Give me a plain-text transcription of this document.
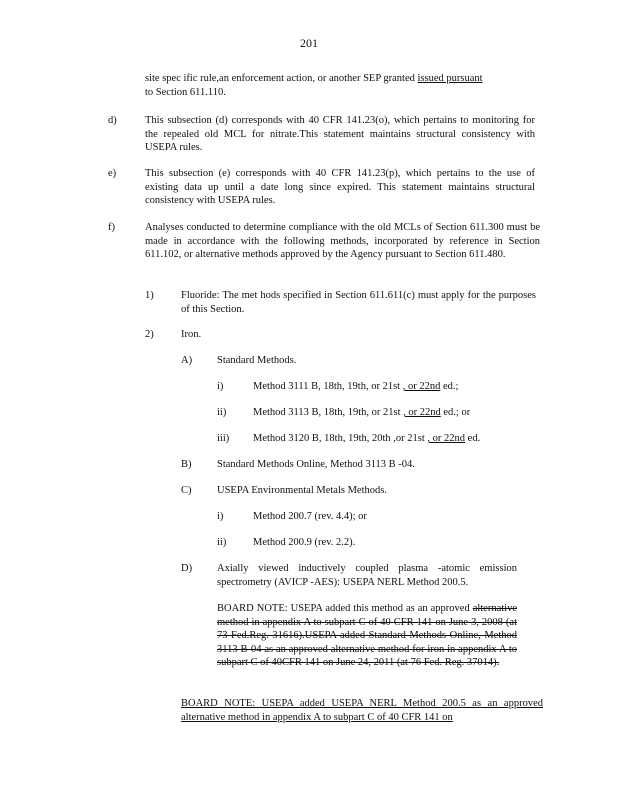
201
site spec ific rule,an enforcement action, or another SEP granted issued pursuant
to Section 611.110.
d)	This subsection (d) corresponds with 40 CFR 141.23(o), which pertains to monitoring for the repealed old MCL for nitrate.This statement maintains structural consistency with USEPA rules.
e)	This subsection (e) corresponds with 40 CFR 141.23(p), which pertains to the use of existing data up until a date long since expired. This statement maintains structural consistency with USEPA rules.
f)	Analyses conducted to determine compliance with the old MCLs of Section 611.300 must be made in accordance with the following methods, incorporated by reference in Section 611.102, or alternative methods approved by the Agency pursuant to Section 611.480.
1)	Fluoride: The met hods specified in Section 611.611(c) must apply for the purposes of this Section.
2)	Iron.
A) Standard Methods.
i)	Method 3111 B, 18th, 19th, or 21st , or 22nd ed.;
ii)	Method 3113 B, 18th, 19th, or 21st , or 22nd ed.; or
iii) Method 3120 B, 18th, 19th, 20th ,or 21st , or 22nd ed.
B) Standard Methods Online, Method 3113 B -04.
C) USEPA Environmental Metals Methods.
i)	Method 200.7 (rev. 4.4); or
ii)	Method 200.9 (rev. 2.2).
D) Axially viewed inductively coupled plasma -atomic emission spectrometry (AVICP -AES): USEPA NERL Method 200.5.
BOARD NOTE: USEPA added this method as an approved alternative method in appendix A to subpart C of 40 CFR 141 on June 3, 2008 (at 73 Fed.Reg. 31616).USEPA added Standard Methods Online, Method 3113 B-04 as an approved alternative method for iron in appendix A to subpart C of 40CFR 141 on June 24, 2011 (at 76 Fed. Reg. 37014).
BOARD NOTE: USEPA added USEPA NERL Method 200.5 as an approved alternative method in appendix A to subpart C of 40 CFR 141 on
